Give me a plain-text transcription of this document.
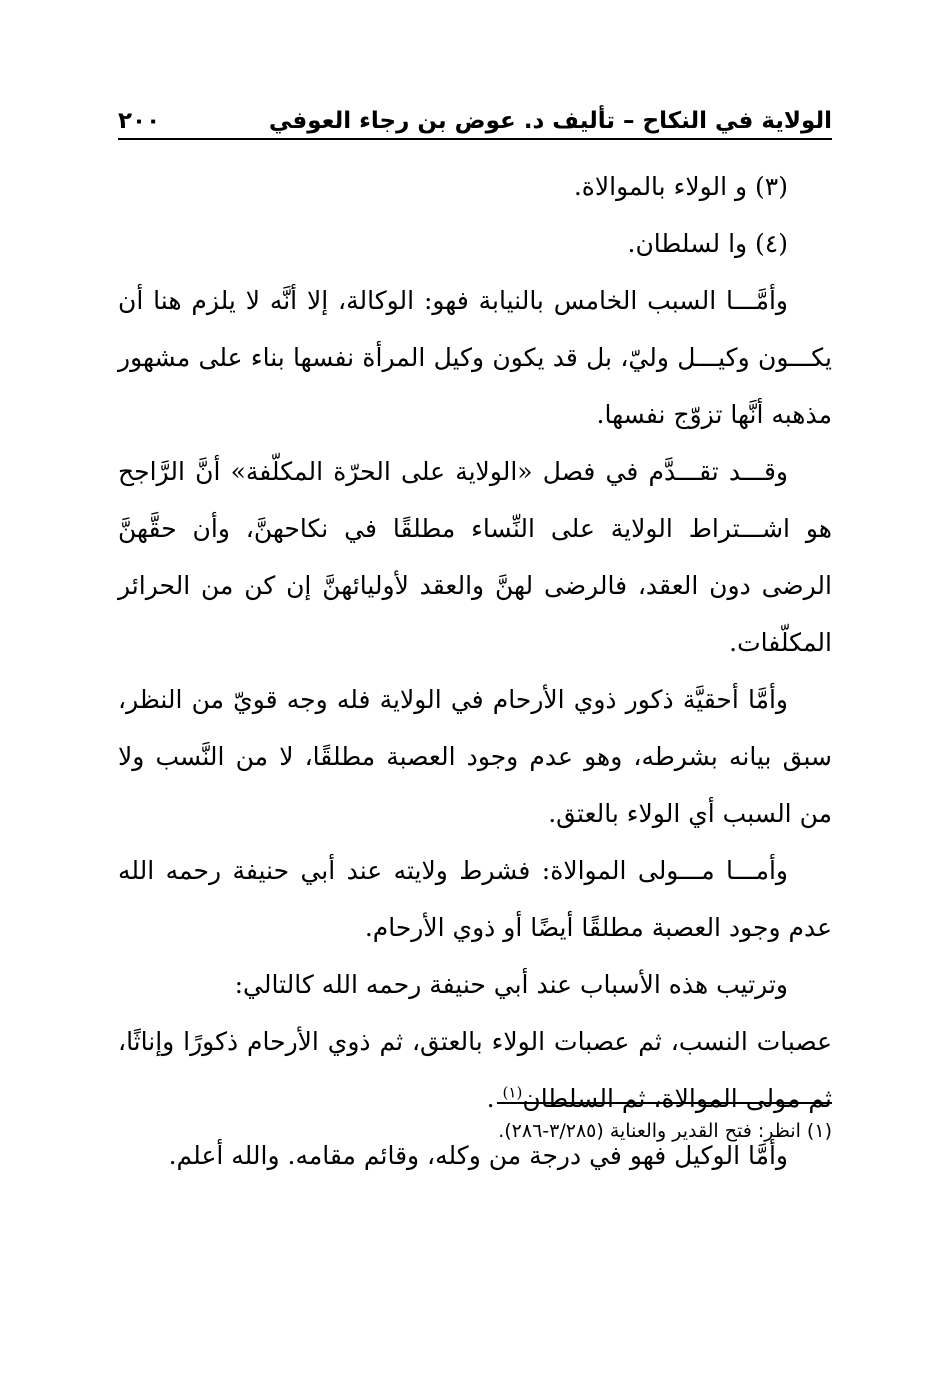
الولاية في النكاح – تأليف د. عوض بن رجاء العوفي
٢٠٠

(٣) و الولاء بالموالاة.

(٤) وا لسلطان.

وأمَّـــا السبب الخامس بالنيابة فهو: الوكالة، إلا أنَّه لا يلزم هنا أن يكـــون وكيـــل وليّ، بل قد يكون وكيل المرأة نفسها بناء على مشهور مذهبه أنَّها تزوّج نفسها.

وقـــد تقـــدَّم في فصل «الولاية على الحرّة المكلّفة» أنَّ الرَّاجح هو اشـــتراط الولاية على النِّساء مطلقًا في نكاحهنَّ، وأن حقَّهنَّ الرضى دون العقد، فالرضى لهنَّ والعقد لأوليائهنَّ إن كن من الحرائر المكلّفات.

وأمَّا أحقيَّة ذكور ذوي الأرحام في الولاية فله وجه قويّ من النظر، سبق بيانه بشرطه، وهو عدم وجود العصبة مطلقًا، لا من النَّسب ولا من السبب أي الولاء بالعتق.

وأمـــا مـــولى الموالاة: فشرط ولايته عند أبي حنيفة رحمه الله عدم وجود العصبة مطلقًا أيضًا أو ذوي الأرحام.

وترتيب هذه الأسباب عند أبي حنيفة رحمه الله كالتالي:

عصبات النسب، ثم عصبات الولاء بالعتق، ثم ذوي الأرحام ذكورًا وإناثًا، ثم مولى الموالاة، ثم السلطان$^{(١)}$ .

وأمَّا الوكيل فهو في درجة من وكله، وقائم مقامه. والله أعلم.

(١) انظر: فتح القدير والعناية (٣/٢٨٥-٢٨٦).
